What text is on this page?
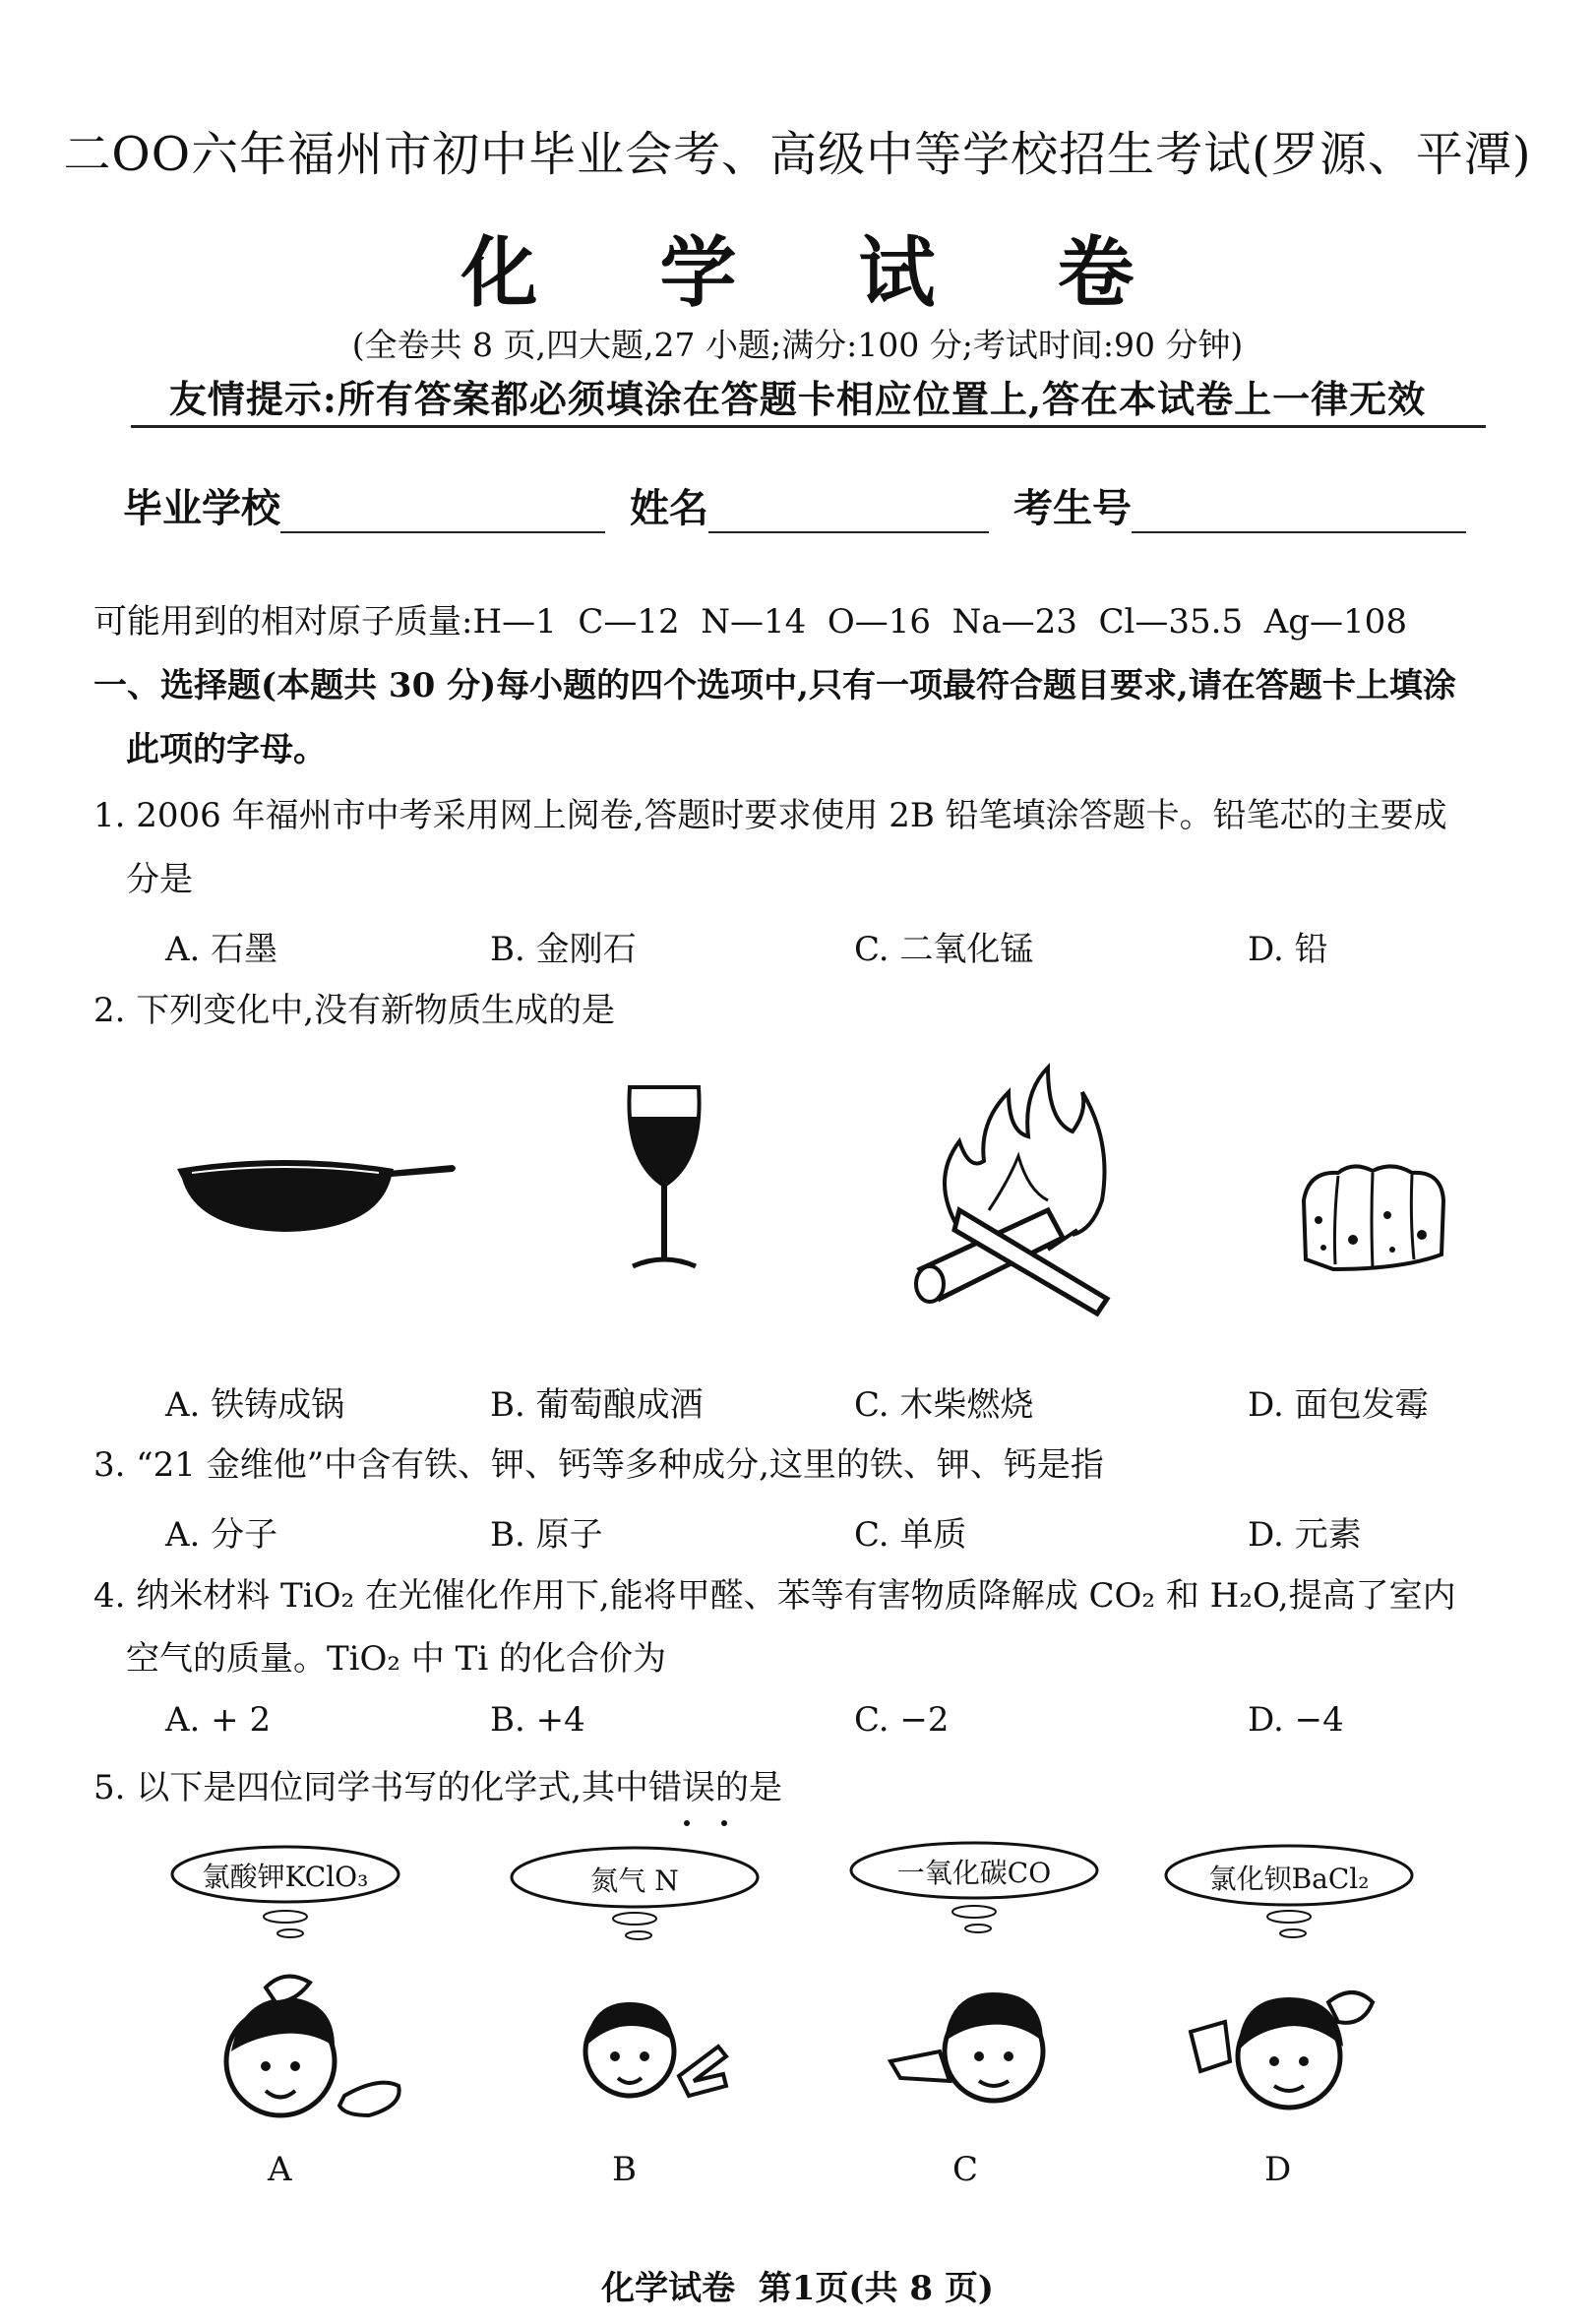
二OO六年福州市初中毕业会考、高级中等学校招生考试(罗源、平潭)
化 学 试 卷
(全卷共 8 页,四大题,27 小题;满分:100 分;考试时间:90 分钟)
友情提示:所有答案都必须填涂在答题卡相应位置上,答在本试卷上一律无效
毕业学校	姓名	考生号
可能用到的相对原子质量:H—1  C—12  N—14  O—16  Na—23  Cl—35.5  Ag—108
一、选择题(本题共 30 分)每小题的四个选项中,只有一项最符合题目要求,请在答题卡上填涂
此项的字母。
1. 2006 年福州市中考采用网上阅卷,答题时要求使用 2B 铅笔填涂答题卡。铅笔芯的主要成
分是
A. 石墨	B. 金刚石	C. 二氧化锰	D. 铅
2. 下列变化中,没有新物质生成的是
A. 铁铸成锅	B. 葡萄酿成酒	C. 木柴燃烧	D. 面包发霉
3. “21 金维他”中含有铁、钾、钙等多种成分,这里的铁、钾、钙是指
A. 分子	B. 原子	C. 单质	D. 元素
4. 纳米材料 TiO₂ 在光催化作用下,能将甲醛、苯等有害物质降解成 CO₂ 和 H₂O,提高了室内
空气的质量。TiO₂ 中 Ti 的化合价为
A. + 2	B. +4	C. −2	D. −4
5. 以下是四位同学书写的化学式,其中错误的是
氯酸钾KClO₃	氮气 N	一氧化碳CO	氯化钡BaCl₂
A	B	C	D
化学试卷  第1页(共 8 页)
